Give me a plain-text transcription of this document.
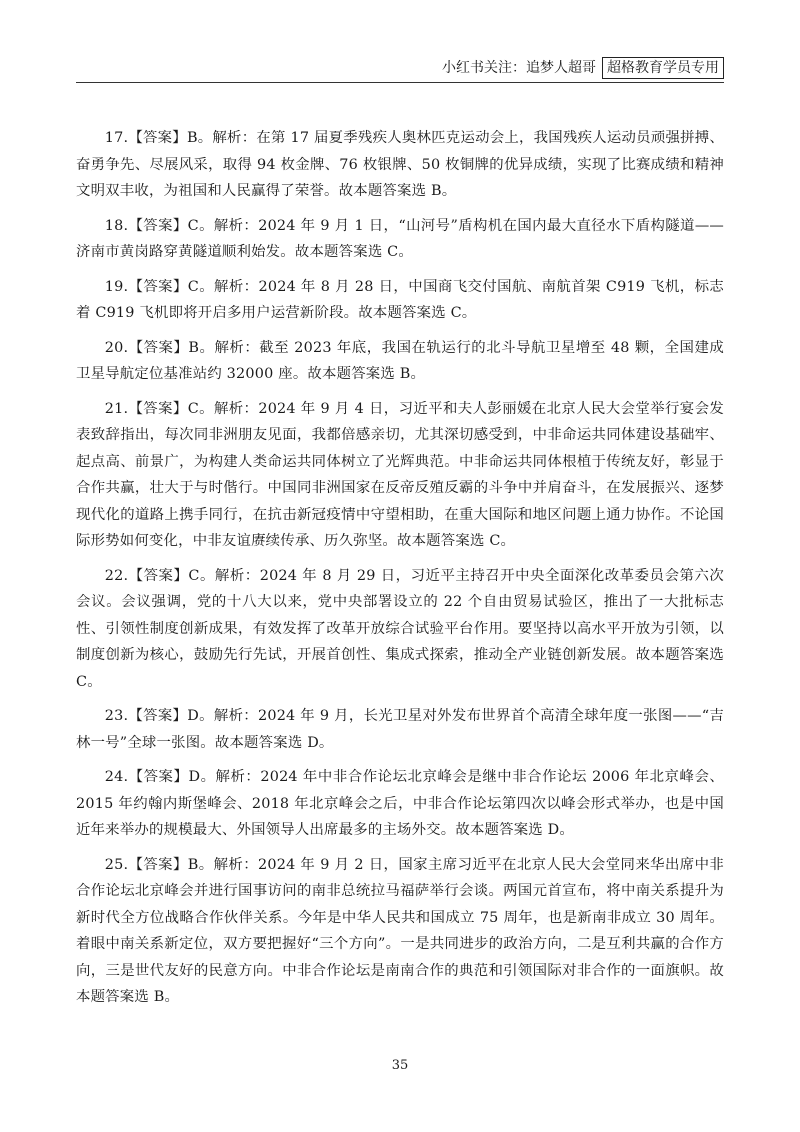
小红书关注：追梦人超哥 超格教育学员专用

17.【答案】B。解析：在第 17 届夏季残疾人奥林匹克运动会上，我国残疾人运动员顽强拼搏、奋勇争先、尽展风采，取得 94 枚金牌、76 枚银牌、50 枚铜牌的优异成绩，实现了比赛成绩和精神文明双丰收，为祖国和人民赢得了荣誉。故本题答案选 B。

18.【答案】C。解析：2024 年 9 月 1 日，“山河号”盾构机在国内最大直径水下盾构隧道——济南市黄岗路穿黄隧道顺利始发。故本题答案选 C。

19.【答案】C。解析：2024 年 8 月 28 日，中国商飞交付国航、南航首架 C919 飞机，标志着 C919 飞机即将开启多用户运营新阶段。故本题答案选 C。

20.【答案】B。解析：截至 2023 年底，我国在轨运行的北斗导航卫星增至 48 颗，全国建成卫星导航定位基准站约 32000 座。故本题答案选 B。

21.【答案】C。解析：2024 年 9 月 4 日，习近平和夫人彭丽媛在北京人民大会堂举行宴会发表致辞指出，每次同非洲朋友见面，我都倍感亲切，尤其深切感受到，中非命运共同体建设基础牢、起点高、前景广，为构建人类命运共同体树立了光辉典范。中非命运共同体根植于传统友好，彰显于合作共赢，壮大于与时偕行。中国同非洲国家在反帝反殖反霸的斗争中并肩奋斗，在发展振兴、逐梦现代化的道路上携手同行，在抗击新冠疫情中守望相助，在重大国际和地区问题上通力协作。不论国际形势如何变化，中非友谊赓续传承、历久弥坚。故本题答案选 C。

22.【答案】C。解析：2024 年 8 月 29 日，习近平主持召开中央全面深化改革委员会第六次会议。会议强调，党的十八大以来，党中央部署设立的 22 个自由贸易试验区，推出了一大批标志性、引领性制度创新成果，有效发挥了改革开放综合试验平台作用。要坚持以高水平开放为引领，以制度创新为核心，鼓励先行先试，开展首创性、集成式探索，推动全产业链创新发展。故本题答案选 C。

23.【答案】D。解析：2024 年 9 月，长光卫星对外发布世界首个高清全球年度一张图——“吉林一号”全球一张图。故本题答案选 D。

24.【答案】D。解析：2024 年中非合作论坛北京峰会是继中非合作论坛 2006 年北京峰会、2015 年约翰内斯堡峰会、2018 年北京峰会之后，中非合作论坛第四次以峰会形式举办，也是中国近年来举办的规模最大、外国领导人出席最多的主场外交。故本题答案选 D。

25.【答案】B。解析：2024 年 9 月 2 日，国家主席习近平在北京人民大会堂同来华出席中非合作论坛北京峰会并进行国事访问的南非总统拉马福萨举行会谈。两国元首宣布，将中南关系提升为新时代全方位战略合作伙伴关系。今年是中华人民共和国成立 75 周年，也是新南非成立 30 周年。着眼中南关系新定位，双方要把握好“三个方向”。一是共同进步的政治方向，二是互利共赢的合作方向，三是世代友好的民意方向。中非合作论坛是南南合作的典范和引领国际对非合作的一面旗帜。故本题答案选 B。

35
